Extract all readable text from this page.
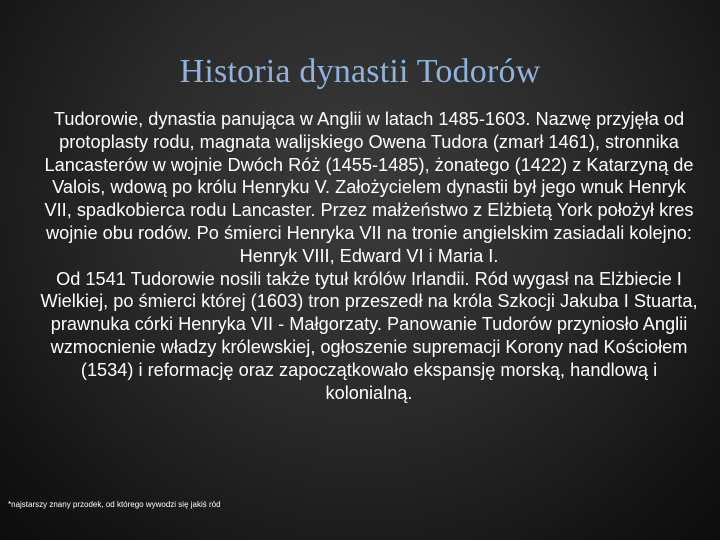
Historia dynastii Todorów

Tudorowie, dynastia panująca w Anglii w latach 1485-1603. Nazwę przyjęła od protoplasty rodu, magnata walijskiego Owena Tudora (zmarł 1461), stronnika Lancasterów w wojnie Dwóch Róż (1455-1485), żonatego (1422) z Katarzyną de Valois, wdową po królu Henryku V. Założycielem dynastii był jego wnuk Henryk VII, spadkobierca rodu Lancaster. Przez małżeństwo z Elżbietą York położył kres wojnie obu rodów. Po śmierci Henryka VII na tronie angielskim zasiadali kolejno: Henryk VIII, Edward VI i Maria I.

Od 1541 Tudorowie nosili także tytuł królów Irlandii. Ród wygasł na Elżbiecie I Wielkiej, po śmierci której (1603) tron przeszedł na króla Szkocji Jakuba I Stuarta, prawnuka córki Henryka VII - Małgorzaty. Panowanie Tudorów przyniosło Anglii wzmocnienie władzy królewskiej, ogłoszenie supremacji Korony nad Kościołem (1534) i reformację oraz zapoczątkowało ekspansję morską, handlową i kolonialną.

*najstarszy znany przodek, od którego wywodzi się jakiś ród
